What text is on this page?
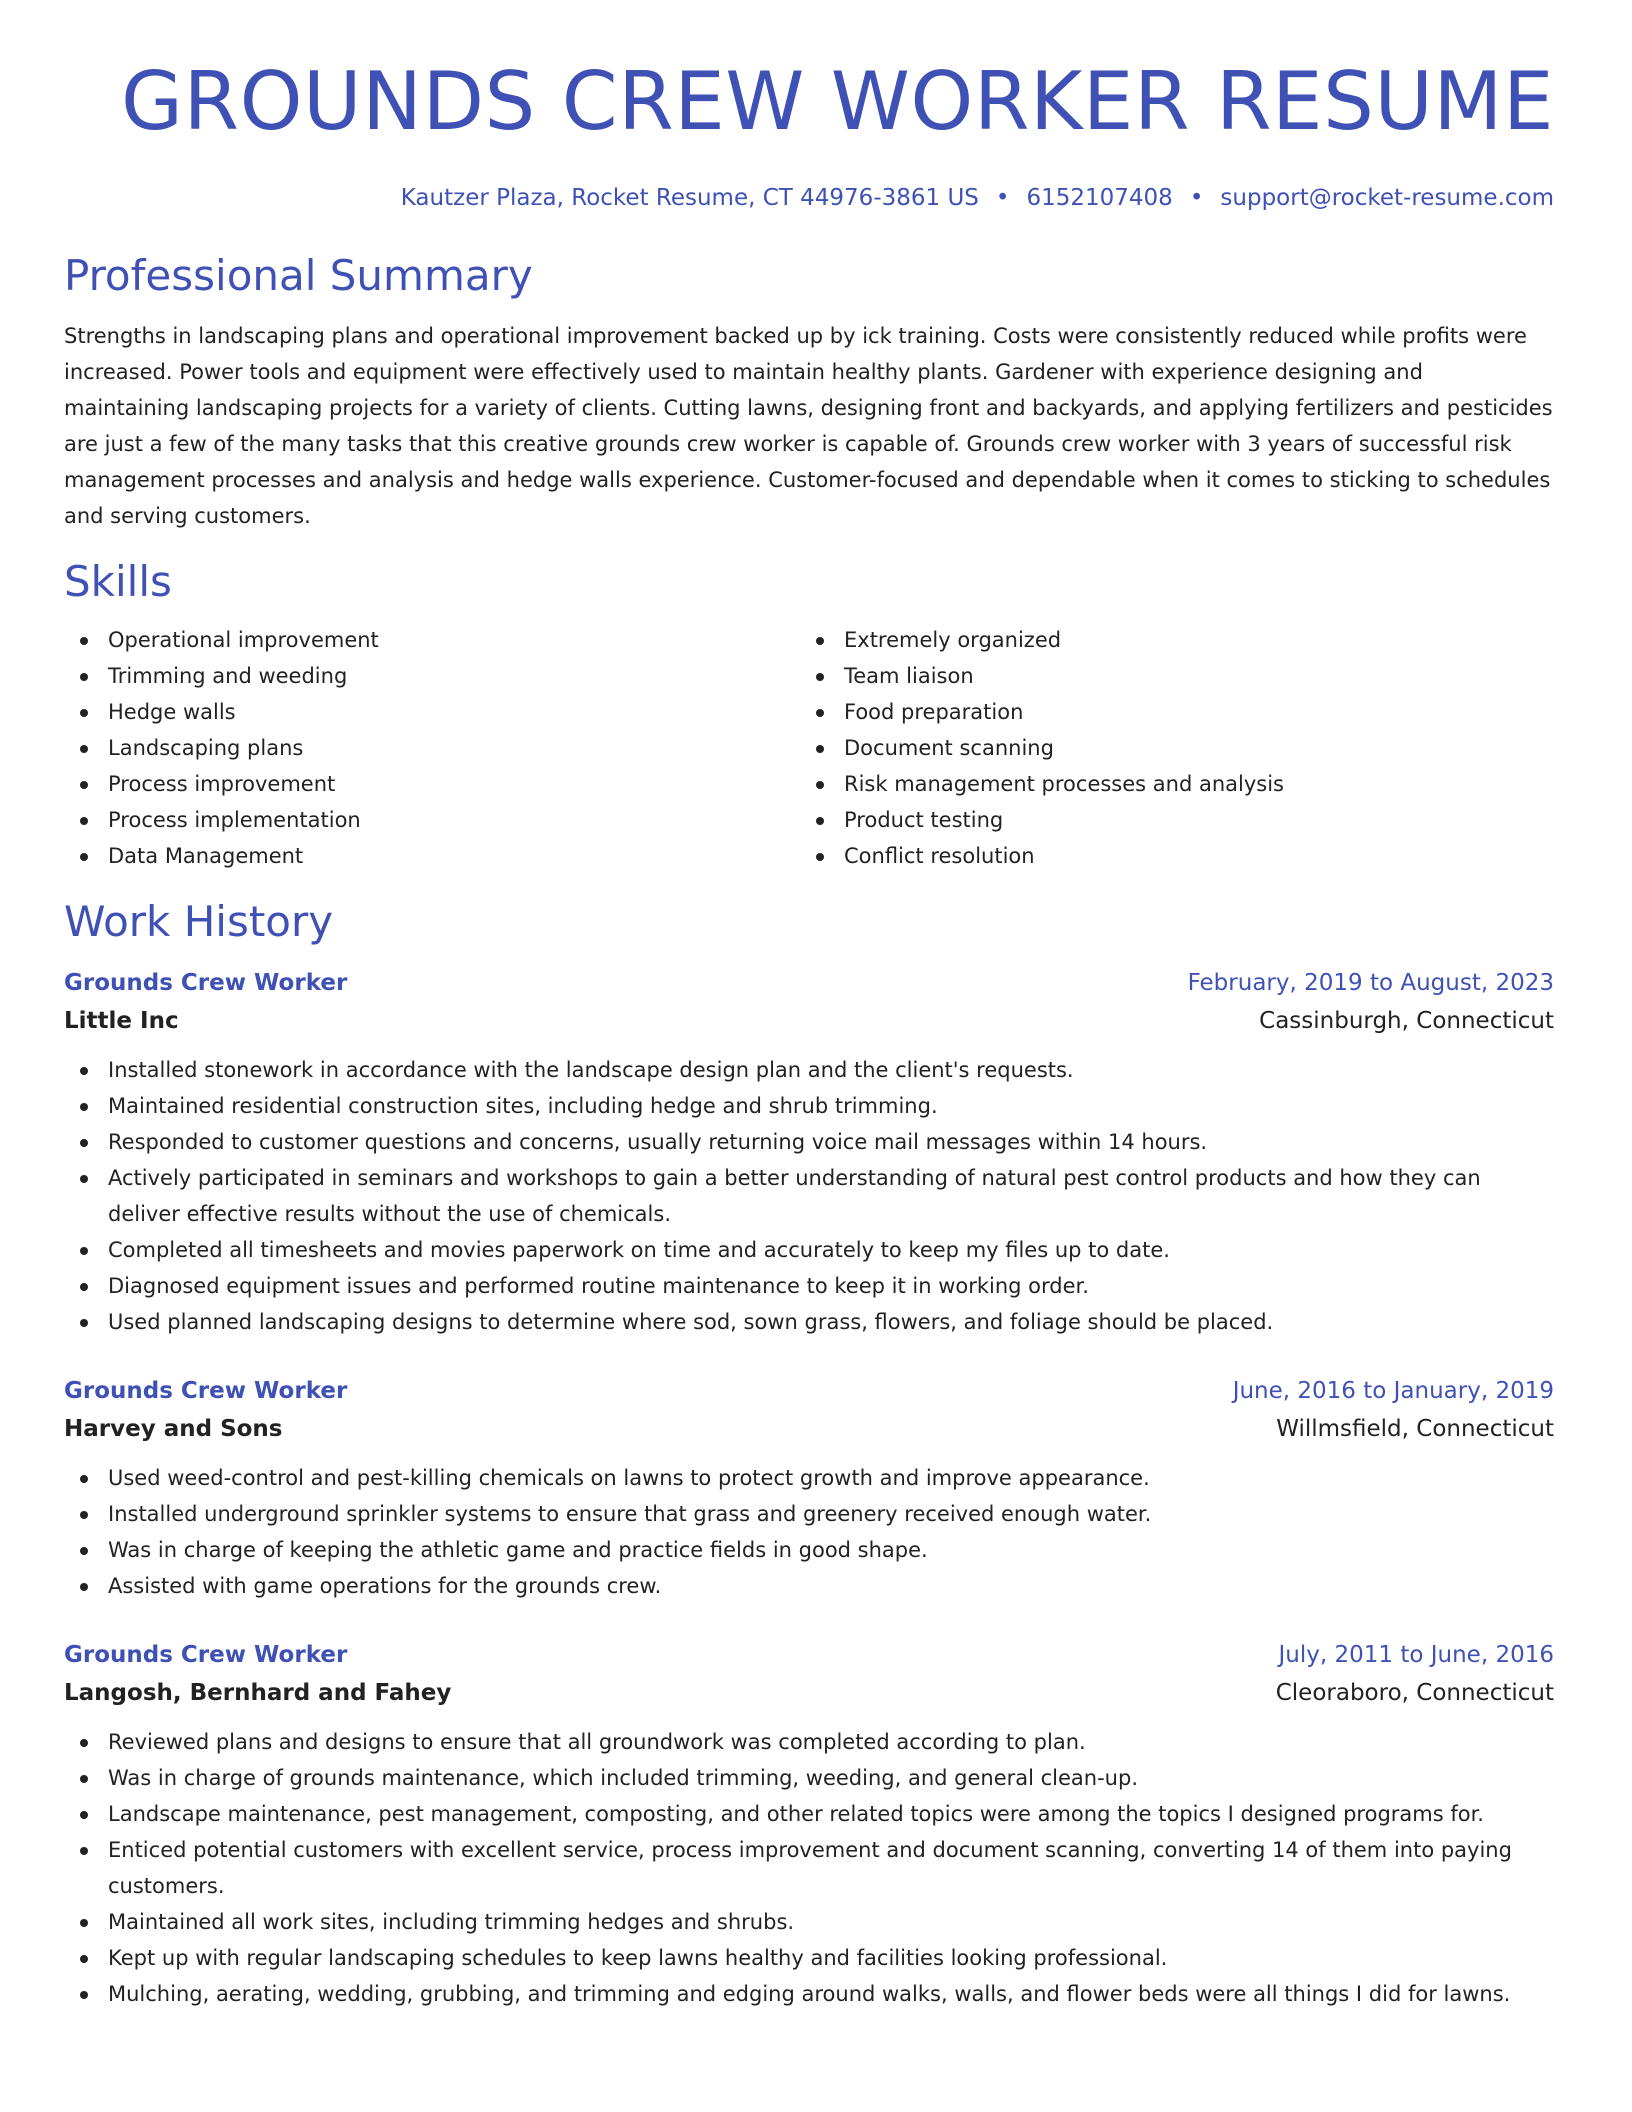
GROUNDS CREW WORKER RESUME
Kautzer Plaza, Rocket Resume, CT 44976-3861 US • 6152107408 • support@rocket-resume.com
Professional Summary
Strengths in landscaping plans and operational improvement backed up by ick training. Costs were consistently reduced while profits were increased. Power tools and equipment were effectively used to maintain healthy plants. Gardener with experience designing and maintaining landscaping projects for a variety of clients. Cutting lawns, designing front and backyards, and applying fertilizers and pesticides are just a few of the many tasks that this creative grounds crew worker is capable of. Grounds crew worker with 3 years of successful risk management processes and analysis and hedge walls experience. Customer-focused and dependable when it comes to sticking to schedules and serving customers.
Skills
Operational improvement
Trimming and weeding
Hedge walls
Landscaping plans
Process improvement
Process implementation
Data Management
Extremely organized
Team liaison
Food preparation
Document scanning
Risk management processes and analysis
Product testing
Conflict resolution
Work History
Grounds Crew Worker	February, 2019 to August, 2023
Little Inc	Cassinburgh, Connecticut
Installed stonework in accordance with the landscape design plan and the client's requests.
Maintained residential construction sites, including hedge and shrub trimming.
Responded to customer questions and concerns, usually returning voice mail messages within 14 hours.
Actively participated in seminars and workshops to gain a better understanding of natural pest control products and how they can deliver effective results without the use of chemicals.
Completed all timesheets and movies paperwork on time and accurately to keep my files up to date.
Diagnosed equipment issues and performed routine maintenance to keep it in working order.
Used planned landscaping designs to determine where sod, sown grass, flowers, and foliage should be placed.
Grounds Crew Worker	June, 2016 to January, 2019
Harvey and Sons	Willmsfield, Connecticut
Used weed-control and pest-killing chemicals on lawns to protect growth and improve appearance.
Installed underground sprinkler systems to ensure that grass and greenery received enough water.
Was in charge of keeping the athletic game and practice fields in good shape.
Assisted with game operations for the grounds crew.
Grounds Crew Worker	July, 2011 to June, 2016
Langosh, Bernhard and Fahey	Cleoraboro, Connecticut
Reviewed plans and designs to ensure that all groundwork was completed according to plan.
Was in charge of grounds maintenance, which included trimming, weeding, and general clean-up.
Landscape maintenance, pest management, composting, and other related topics were among the topics I designed programs for.
Enticed potential customers with excellent service, process improvement and document scanning, converting 14 of them into paying customers.
Maintained all work sites, including trimming hedges and shrubs.
Kept up with regular landscaping schedules to keep lawns healthy and facilities looking professional.
Mulching, aerating, wedding, grubbing, and trimming and edging around walks, walls, and flower beds were all things I did for lawns.
